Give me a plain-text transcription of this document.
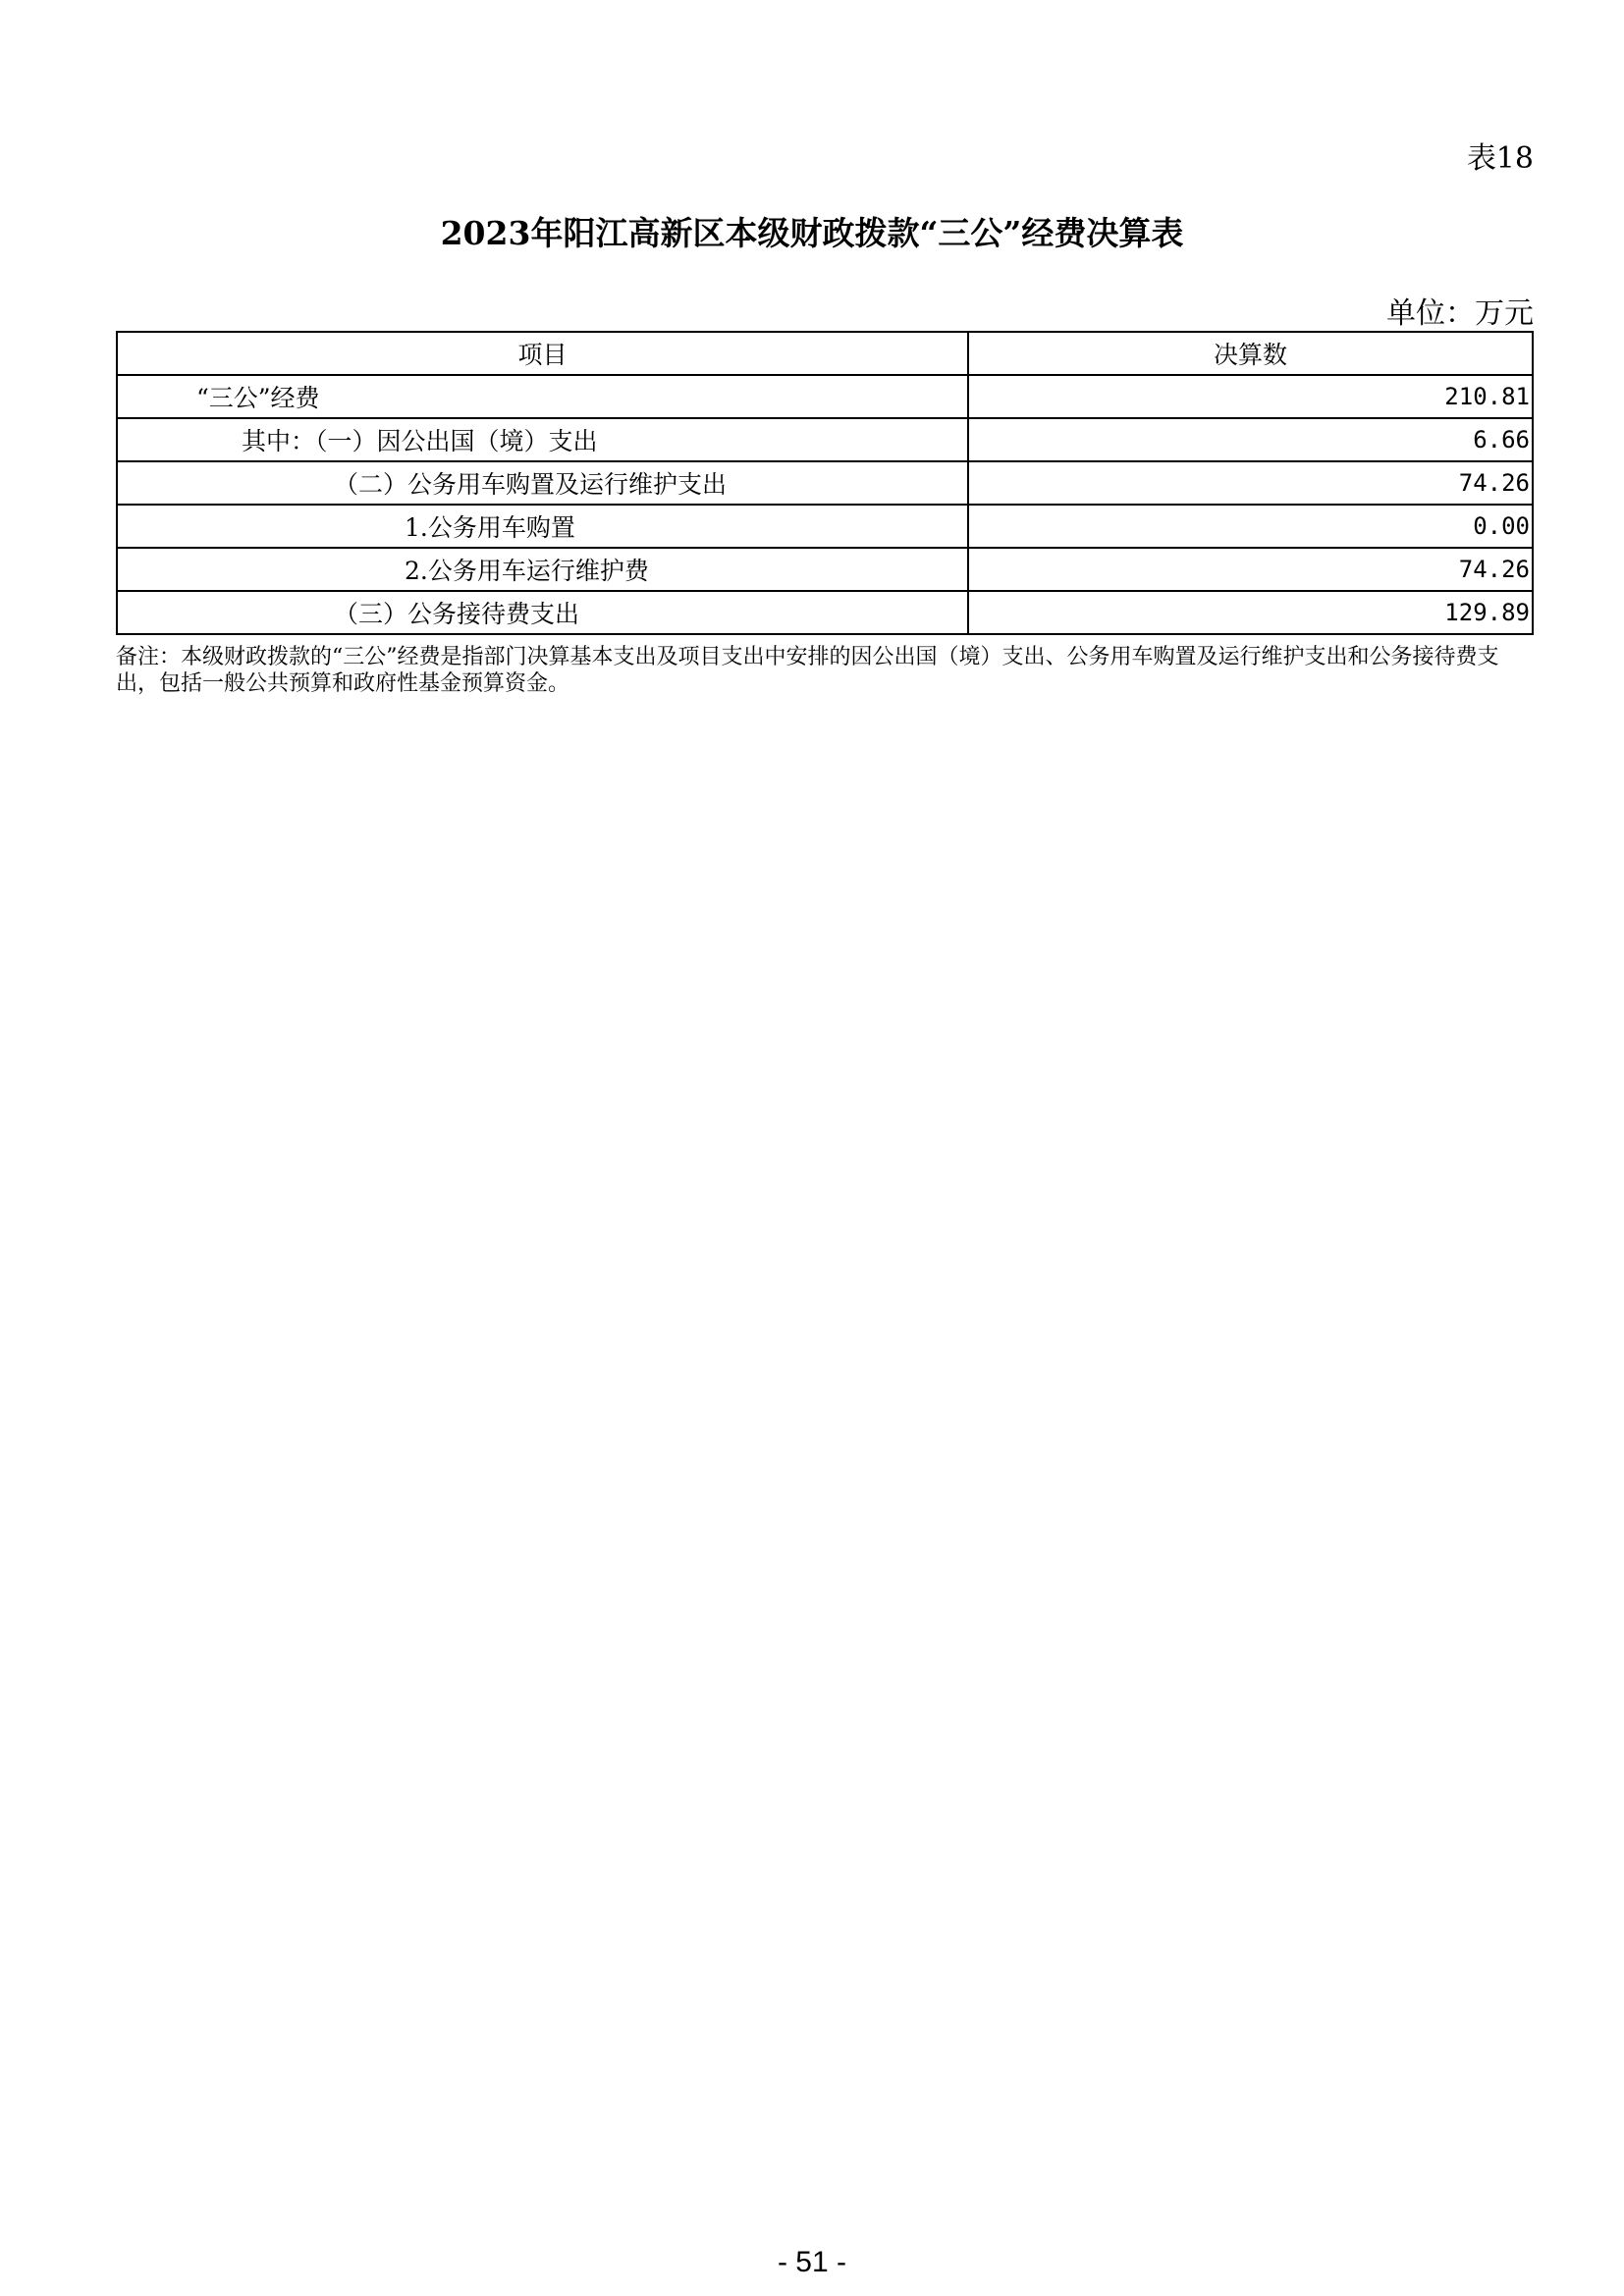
表18
2023年阳江高新区本级财政拨款“三公”经费决算表
单位：万元
项目	决算数
“三公”经费	210.81
其中：（一）因公出国（境）支出	6.66
（二）公务用车购置及运行维护支出	74.26
1.公务用车购置	0.00
2.公务用车运行维护费	74.26
（三）公务接待费支出	129.89
备注：本级财政拨款的“三公”经费是指部门决算基本支出及项目支出中安排的因公出国（境）支出、公务用车购置及运行维护支出和公务接待费支出，包括一般公共预算和政府性基金预算资金。
- 51 -
